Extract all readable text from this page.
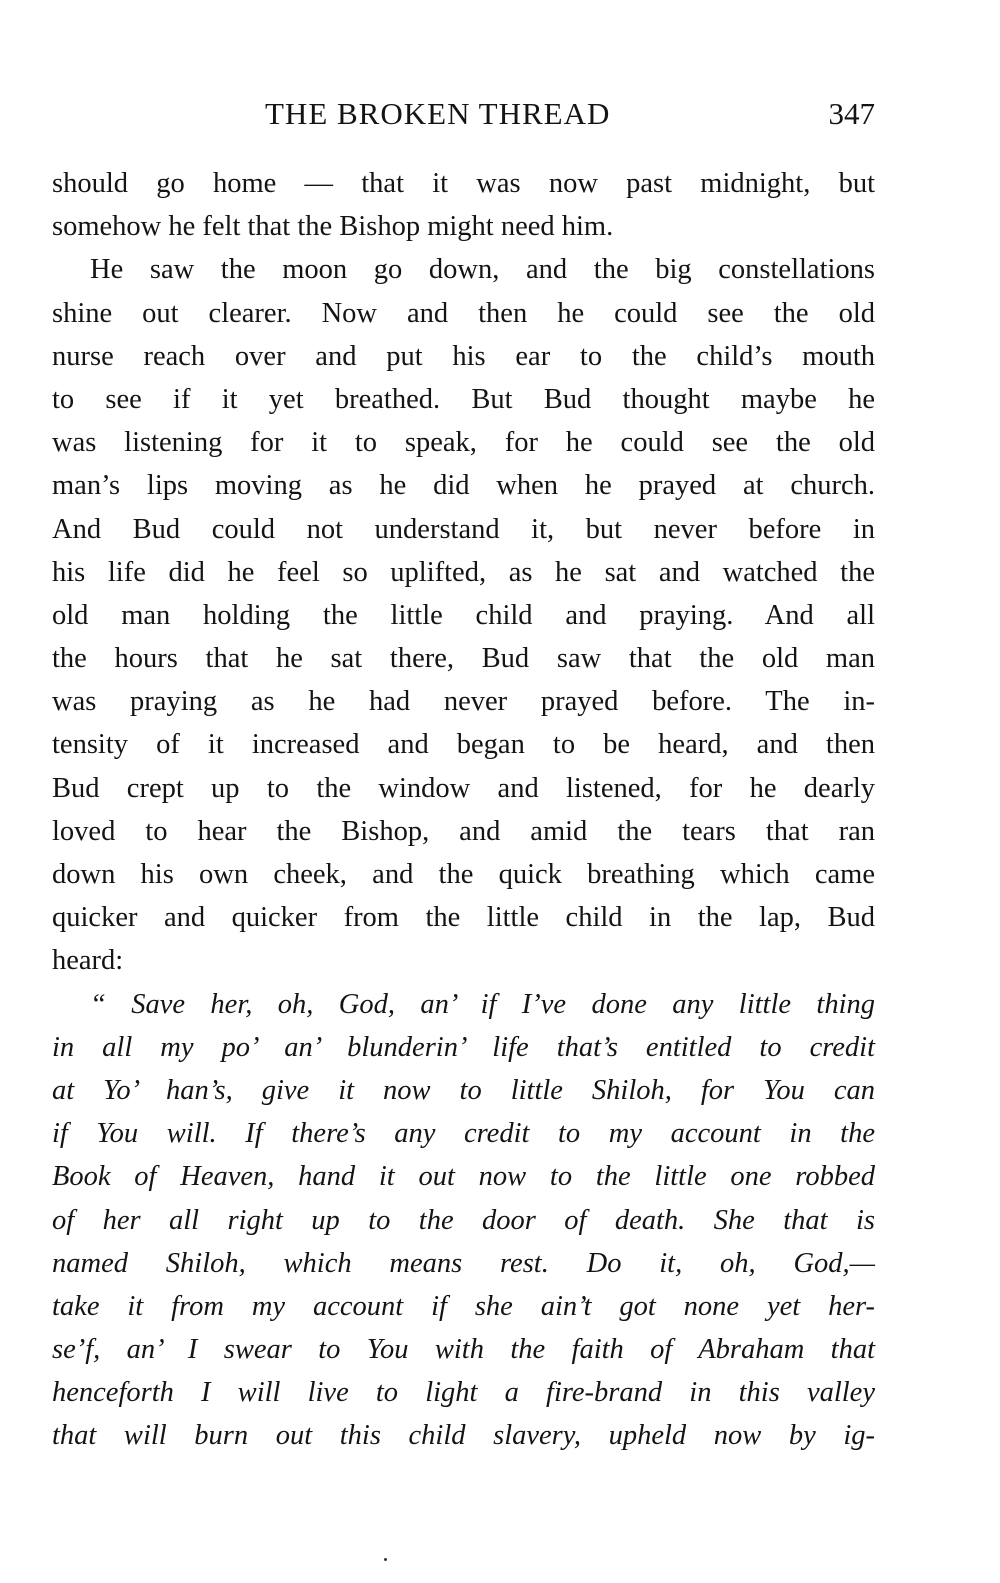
THE BROKEN THREAD	347
should go home — that it was now past midnight, but
somehow he felt that the Bishop might need him.
He saw the moon go down, and the big constellations
shine out clearer. Now and then he could see the old
nurse reach over and put his ear to the child’s mouth
to see if it yet breathed. But Bud thought maybe he
was listening for it to speak, for he could see the old
man’s lips moving as he did when he prayed at church.
And Bud could not understand it, but never before in
his life did he feel so uplifted, as he sat and watched the
old man holding the little child and praying. And all
the hours that he sat there, Bud saw that the old man
was praying as he had never prayed before. The in-
tensity of it increased and began to be heard, and then
Bud crept up to the window and listened, for he dearly
loved to hear the Bishop, and amid the tears that ran
down his own cheek, and the quick breathing which came
quicker and quicker from the little child in the lap, Bud
heard:
“ Save her, oh, God, an’ if I’ve done any little thing
in all my po’ an’ blunderin’ life that’s entitled to credit
at Yo’ han’s, give it now to little Shiloh, for You can
if You will. If there’s any credit to my account in the
Book of Heaven, hand it out now to the little one robbed
of her all right up to the door of death. She that is
named Shiloh, which means rest. Do it, oh, God,—
take it from my account if she ain’t got none yet her-
se’f, an’ I swear to You with the faith of Abraham that
henceforth I will live to light a fire-brand in this valley
that will burn out this child slavery, upheld now by ig-
